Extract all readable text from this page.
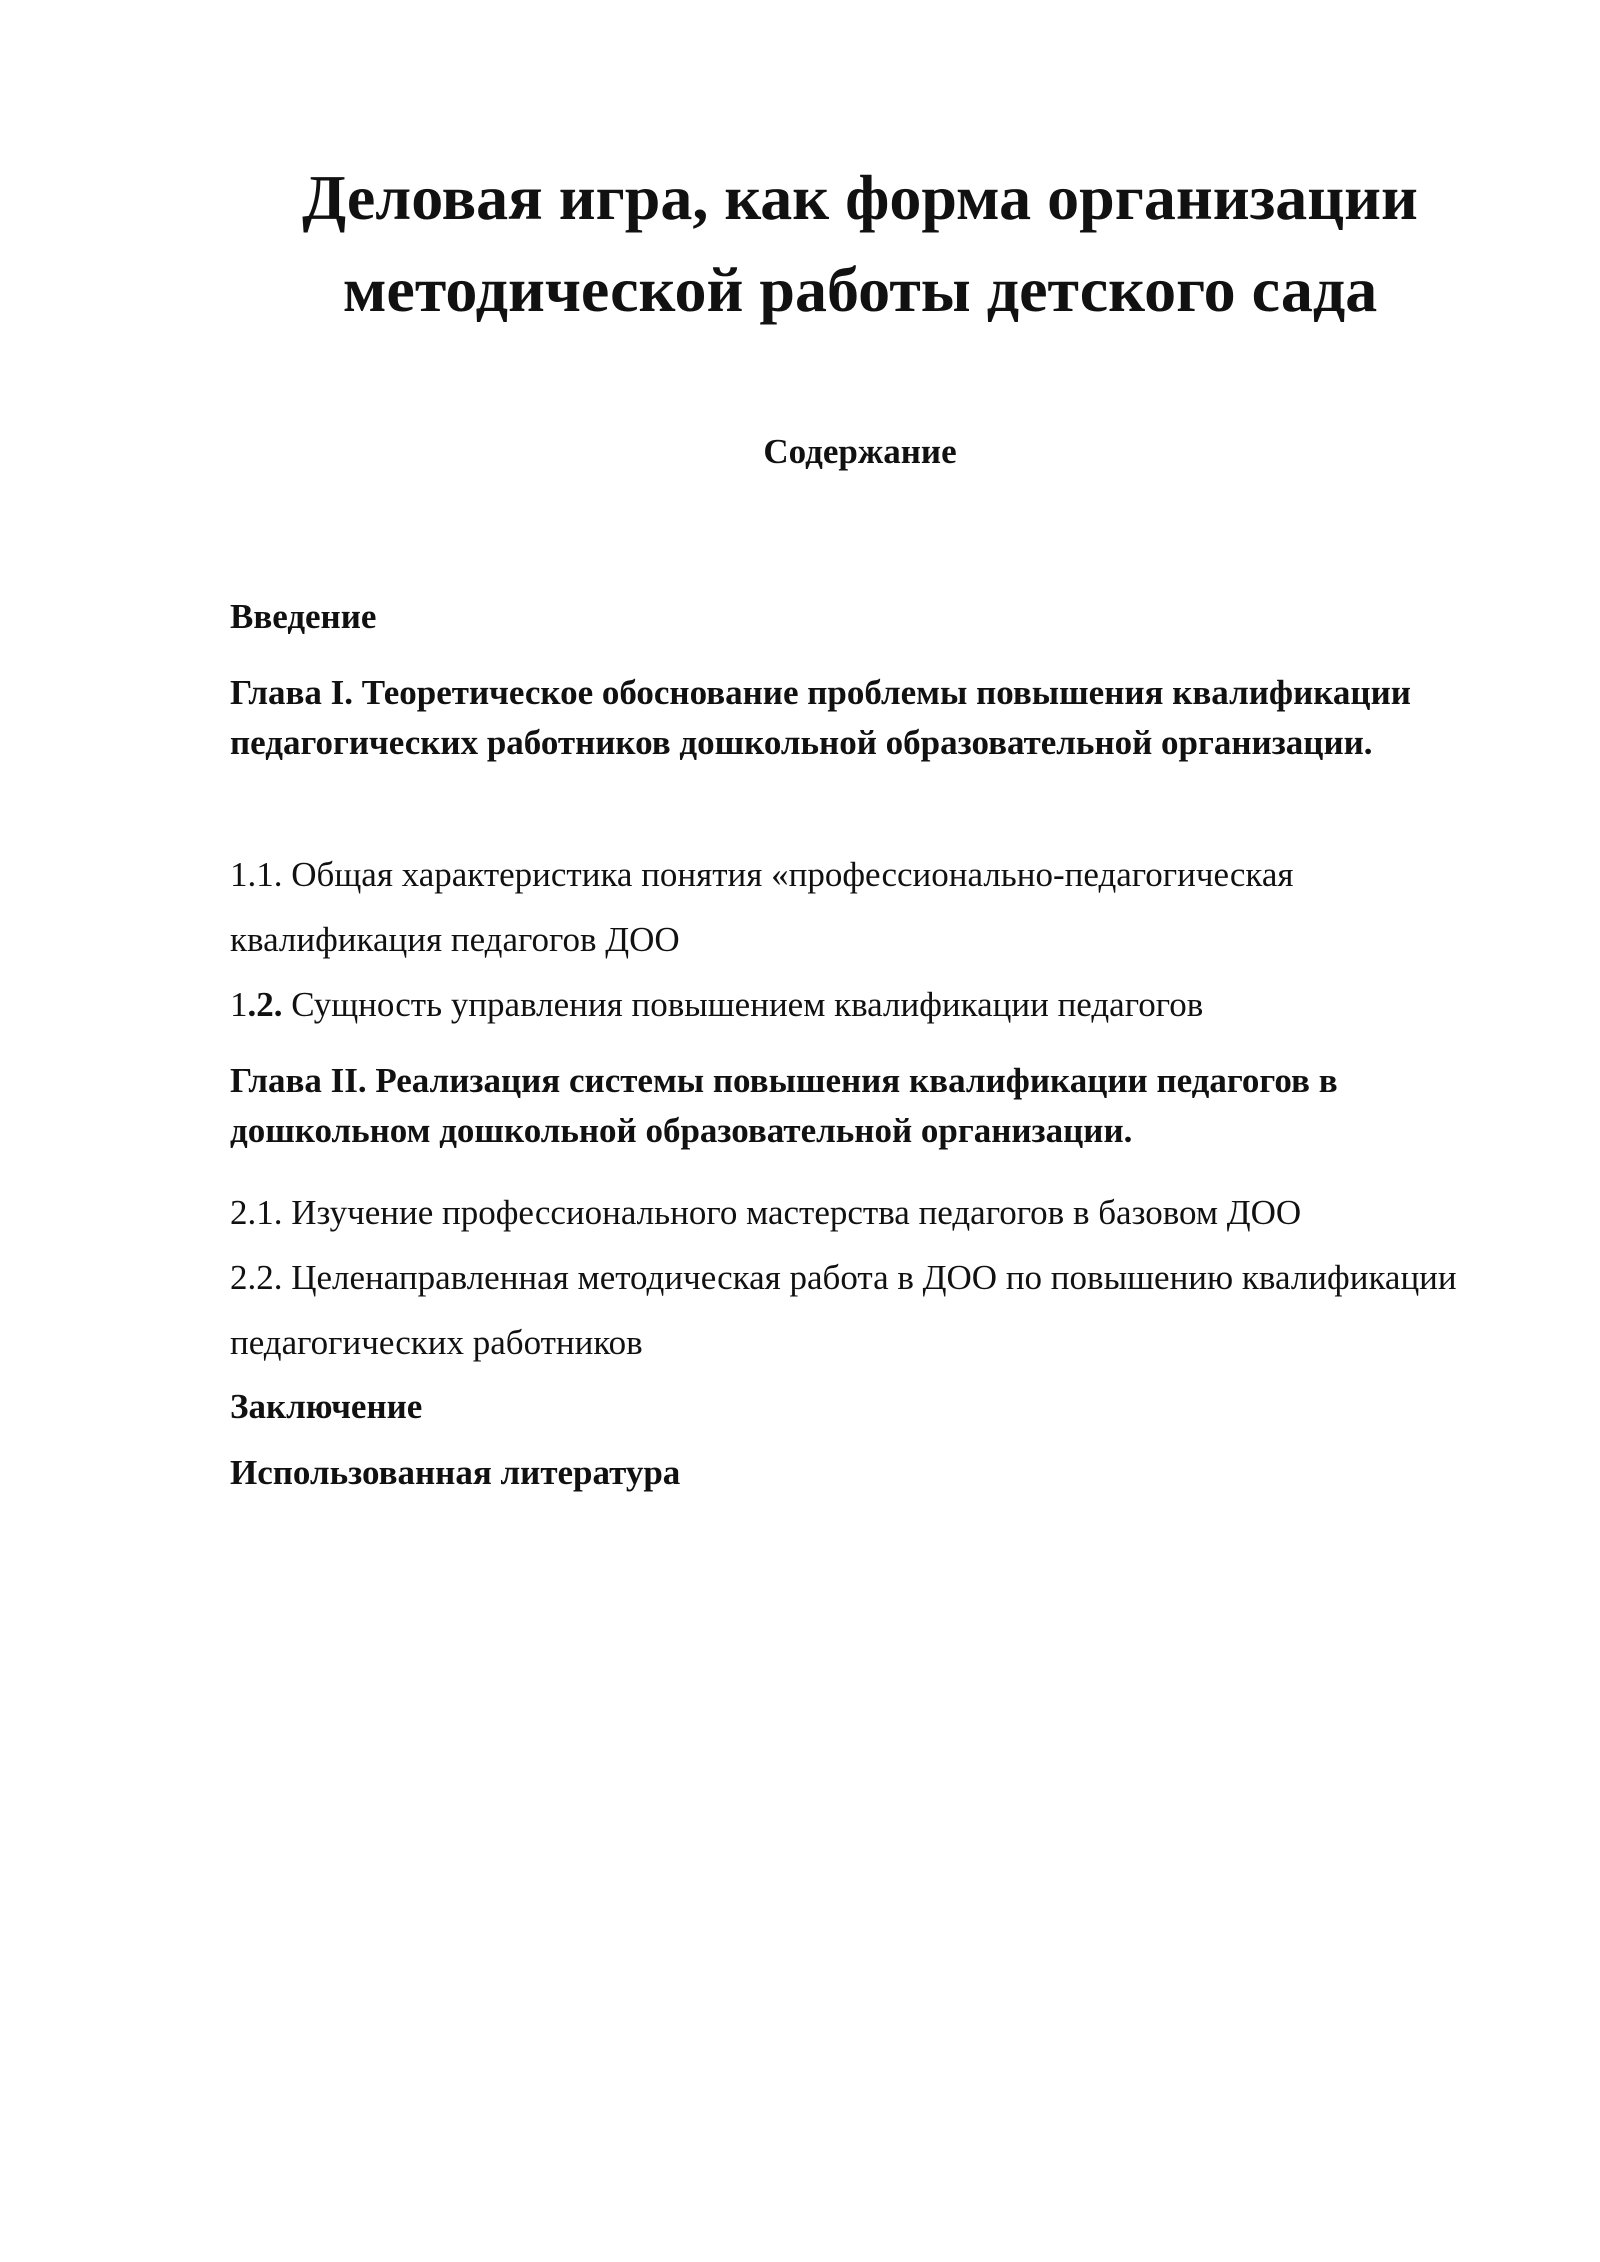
Деловая игра, как форма организации методической работы детского сада
Содержание

Введение

Глава I. Теоретическое обоснование проблемы повышения квалификации педагогических работников дошкольной образовательной организации.

1.1. Общая характеристика понятия «профессионально-педагогическая квалификация педагогов ДОО

1.2. Сущность управления повышением квалификации педагогов

Глава II. Реализация системы повышения квалификации педагогов в дошкольном дошкольной образовательной организации.

2.1. Изучение профессионального мастерства педагогов в базовом ДОО

2.2. Целенаправленная методическая работа в ДОО по повышению квалификации педагогических работников

Заключение

Использованная литература
